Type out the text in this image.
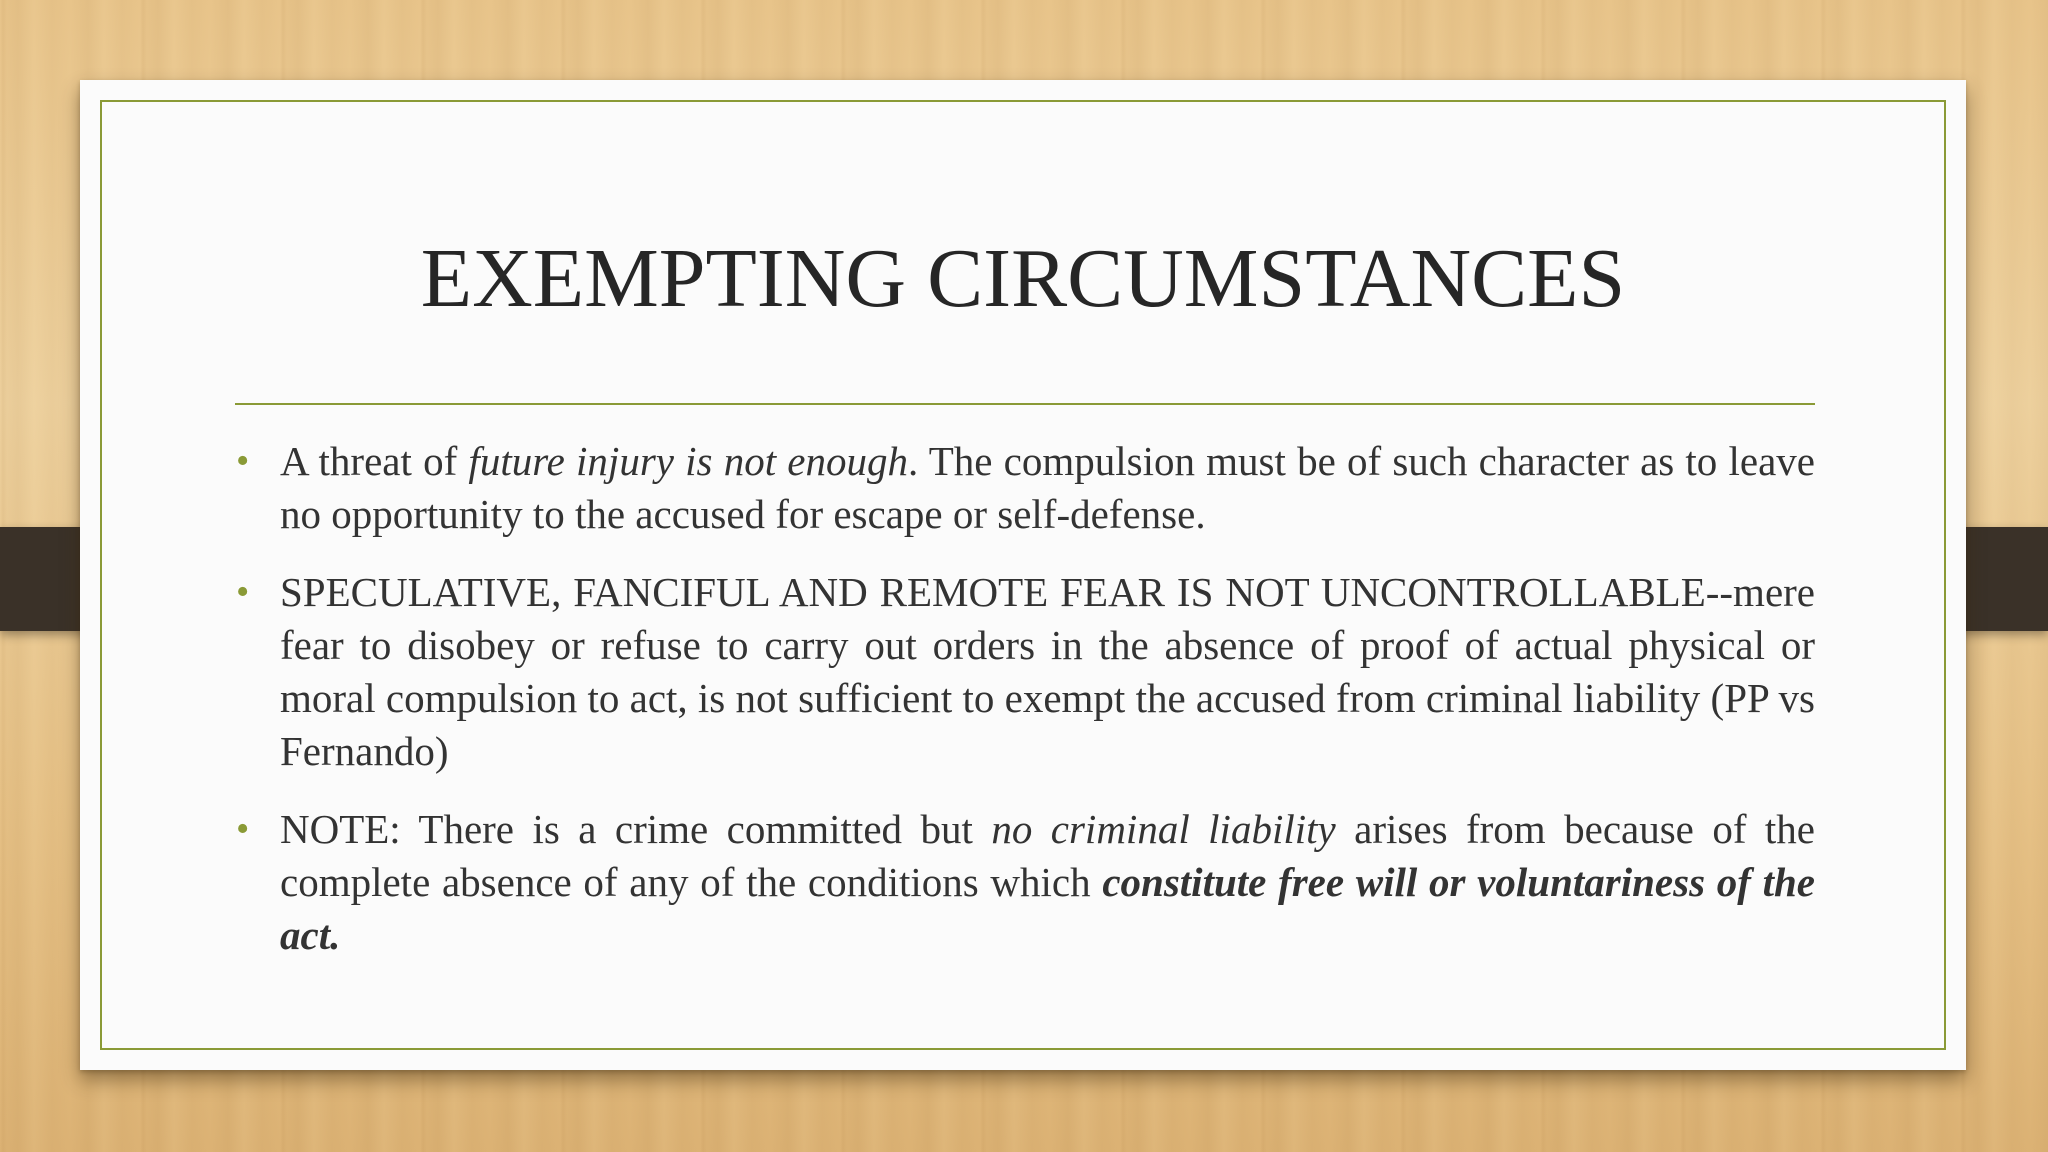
EXEMPTING CIRCUMSTANCES
• A threat of future injury is not enough. The compulsion must be of such character as to leave no opportunity to the accused for escape or self-defense.
• SPECULATIVE, FANCIFUL AND REMOTE FEAR IS NOT UNCONTROLLABLE--mere fear to disobey or refuse to carry out orders in the absence of proof of actual physical or moral compulsion to act, is not sufficient to exempt the accused from criminal liability (PP vs Fernando)
• NOTE: There is a crime committed but no criminal liability arises from because of the complete absence of any of the conditions which constitute free will or voluntariness of the act.
